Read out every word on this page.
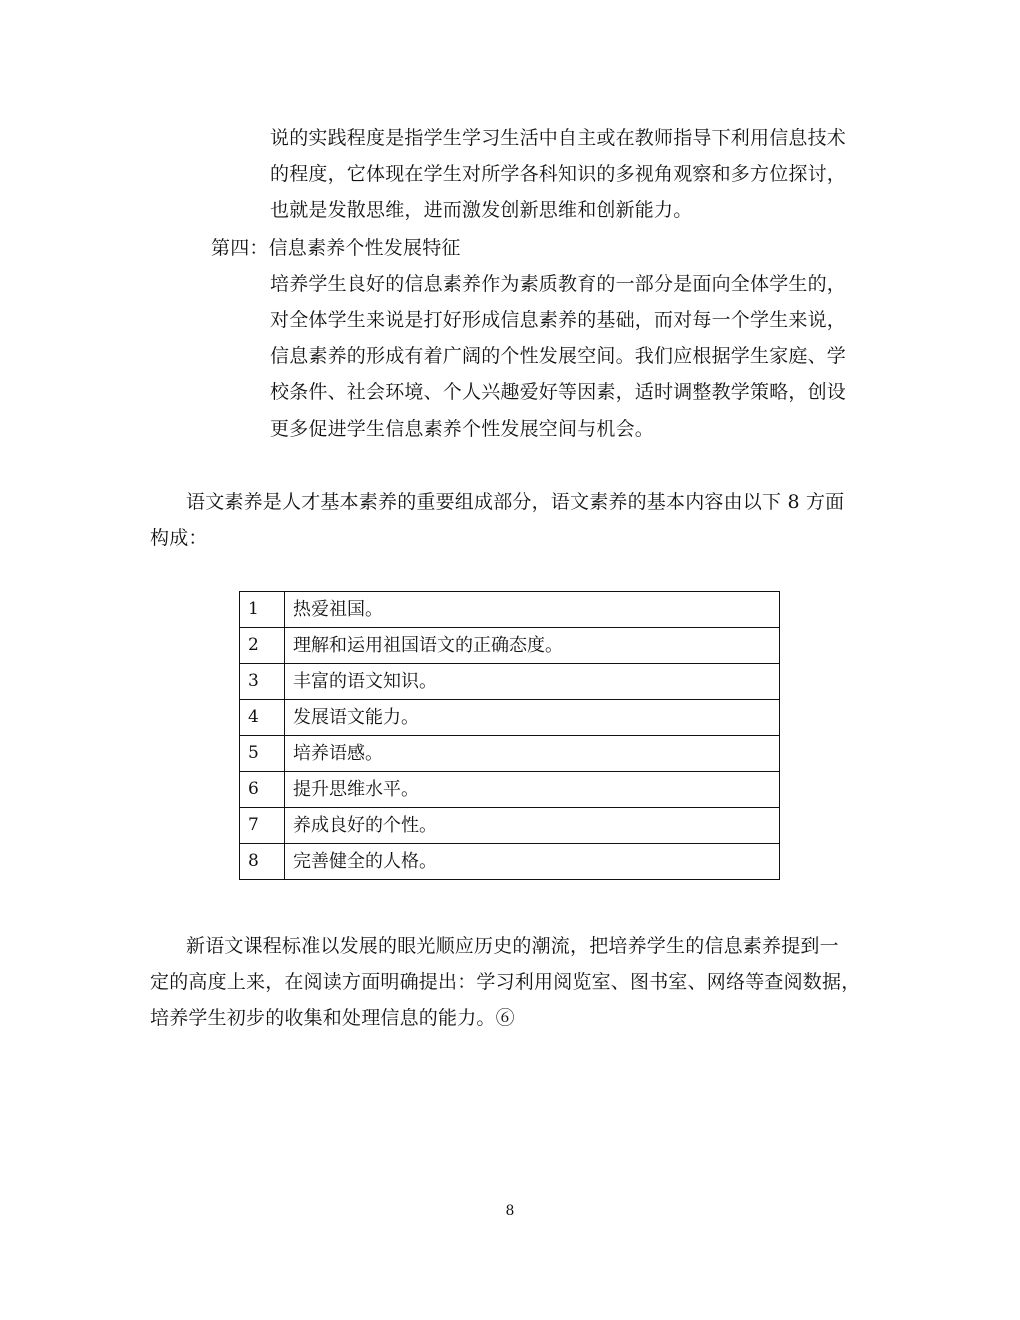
说的实践程度是指学生学习生活中自主或在教师指导下利用信息技术
的程度，它体现在学生对所学各科知识的多视角观察和多方位探讨，
也就是发散思维，进而激发创新思维和创新能力。
第四：信息素养个性发展特征
培养学生良好的信息素养作为素质教育的一部分是面向全体学生的，
对全体学生来说是打好形成信息素养的基础，而对每一个学生来说，
信息素养的形成有着广阔的个性发展空间。我们应根据学生家庭、学
校条件、社会环境、个人兴趣爱好等因素，适时调整教学策略，创设
更多促进学生信息素养个性发展空间与机会。
语文素养是人才基本素养的重要组成部分，语文素养的基本内容由以下 8 方面
构成：
1	热爱祖国。
2	理解和运用祖国语文的正确态度。
3	丰富的语文知识。
4	发展语文能力。
5	培养语感。
6	提升思维水平。
7	养成良好的个性。
8	完善健全的人格。
新语文课程标准以发展的眼光顺应历史的潮流，把培养学生的信息素养提到一
定的高度上来，在阅读方面明确提出：学习利用阅览室、图书室、网络等查阅数据，
培养学生初步的收集和处理信息的能力。⑥
8
